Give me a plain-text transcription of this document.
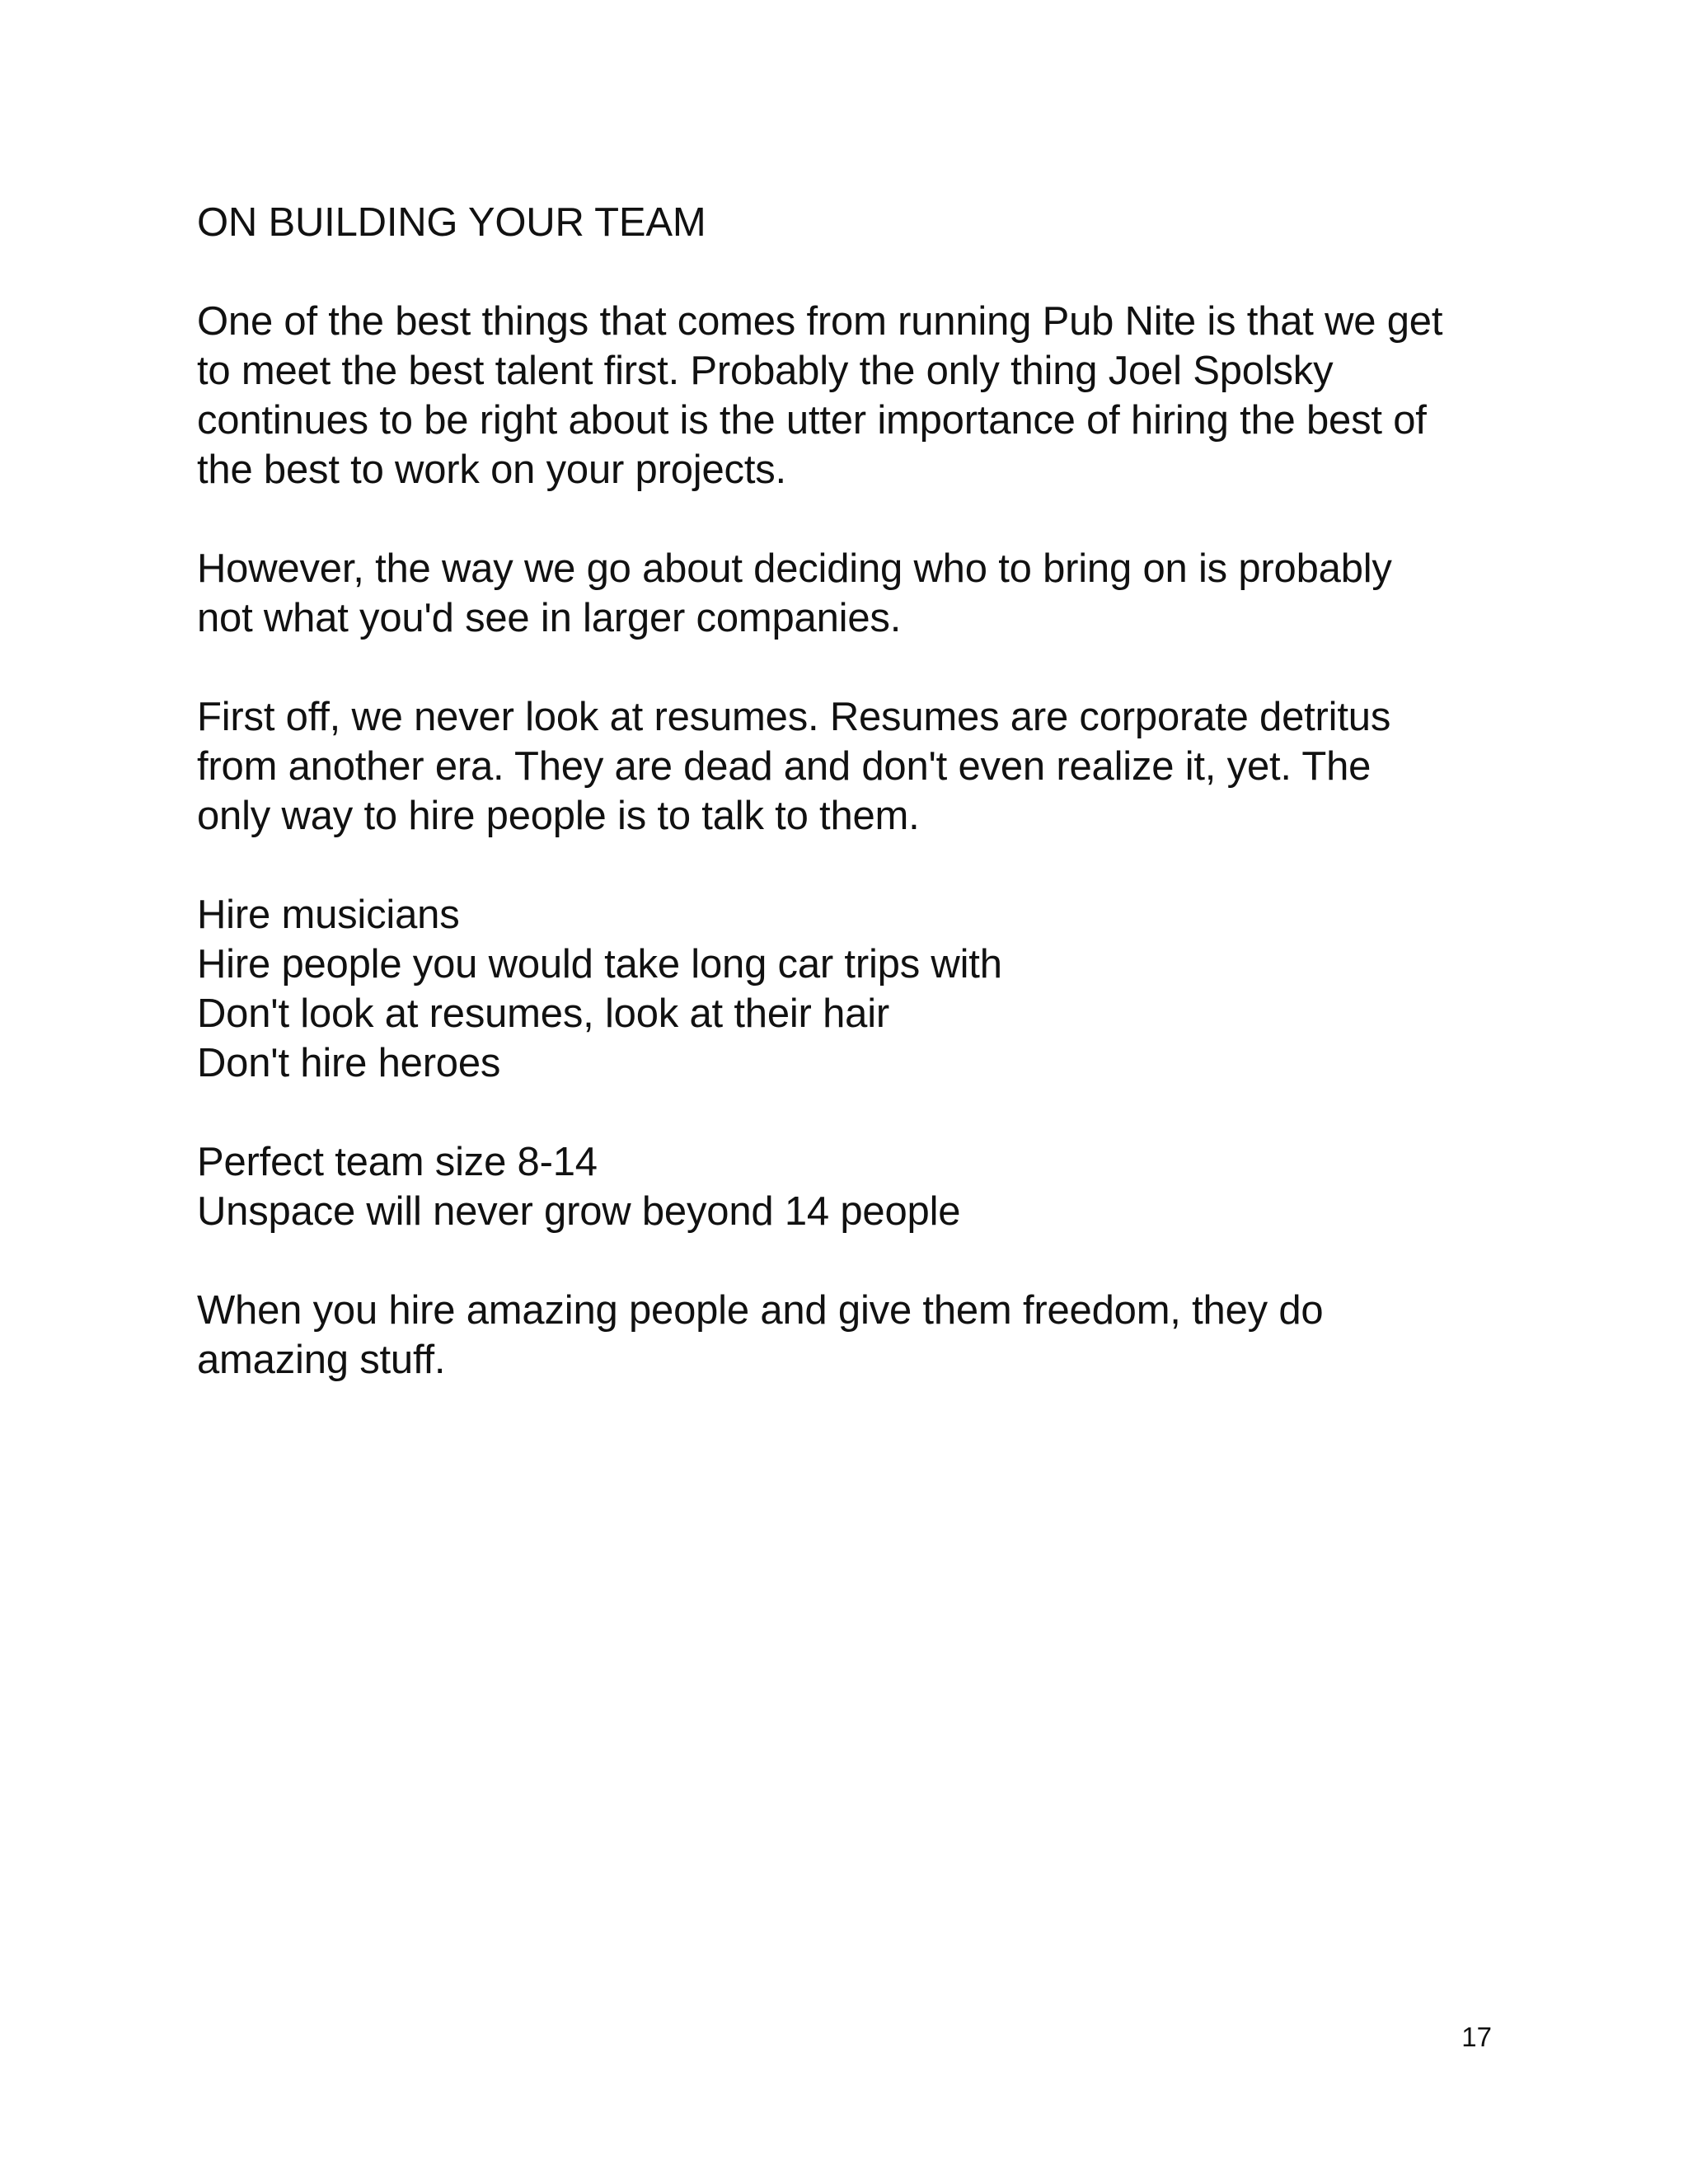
ON BUILDING YOUR TEAM

One of the best things that comes from running Pub Nite is that we get
to meet the best talent first. Probably the only thing Joel Spolsky
continues to be right about is the utter importance of hiring the best of
the best to work on your projects.

However, the way we go about deciding who to bring on is probably
not what you'd see in larger companies.

First off, we never look at resumes. Resumes are corporate detritus
from another era. They are dead and don't even realize it, yet. The
only way to hire people is to talk to them.

Hire musicians
Hire people you would take long car trips with
Don't look at resumes, look at their hair
Don't hire heroes
Perfect team size 8-14
Unspace will never grow beyond 14 people

When you hire amazing people and give them freedom, they do
amazing stuff.

17
